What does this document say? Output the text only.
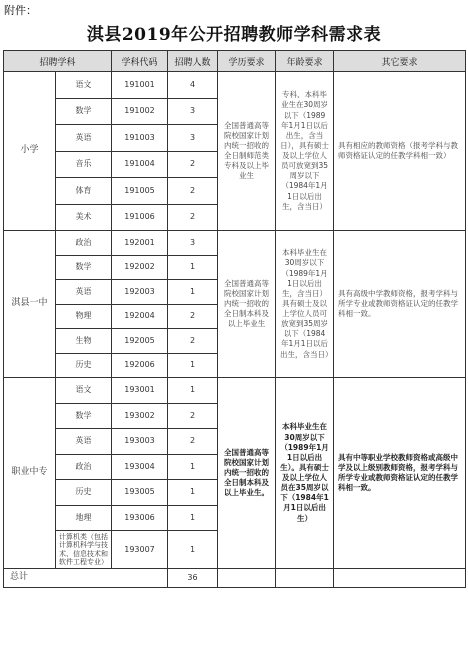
附件：
淇县2019年公开招聘教师学科需求表
招聘学科		学科代码	招聘人数	学历要求	年龄要求	其它要求
小学	语文	191001	4	全国普通高等院校国家计划内统一招收的全日制师范类专科及以上毕业生	专科、本科毕业生在30周岁以下（1989年1月1日以后出生，含当日），具有硕士及以上学位人员可放宽到35周岁以下（1984年1月1日以后出生，含当日）	具有相应的教师资格（报考学科与教师资格证认定的任教学科相一致）
	数学	191002	3			
	英语	191003	3			
	音乐	191004	2			
	体育	191005	2			
	美术	191006	2			
淇县一中	政治	192001	3	全国普通高等院校国家计划内统一招收的全日制本科及以上毕业生	本科毕业生在30周岁以下（1989年1月1日以后出生，含当日）具有硕士及以上学位人员可放宽到35周岁以下（1984年1月1日以后出生，含当日）	具有高级中学教师资格，报考学科与所学专业或教师资格证认定的任教学科相一致。
	数学	192002	1			
	英语	192003	1			
	物理	192004	2			
	生物	192005	2			
	历史	192006	1			
职业中专	语文	193001	1	全国普通高等院校国家计划内统一招收的全日制本科及以上毕业生。	本科毕业生在30周岁以下（1989年1月1日以后出生）。具有硕士及以上学位人员在35周岁以下（1984年1月1日以后出生）	具有中等职业学校教师资格或高级中学及以上级别教师资格，报考学科与所学专业或教师资格证认定的任教学科相一致。
	数学	193002	2			
	英语	193003	2			
	政治	193004	1			
	历史	193005	1			
	地理	193006	1			
	计算机类（包括计算机科学与技术、信息技术和软件工程专业）	193007	1			
总计			36			
